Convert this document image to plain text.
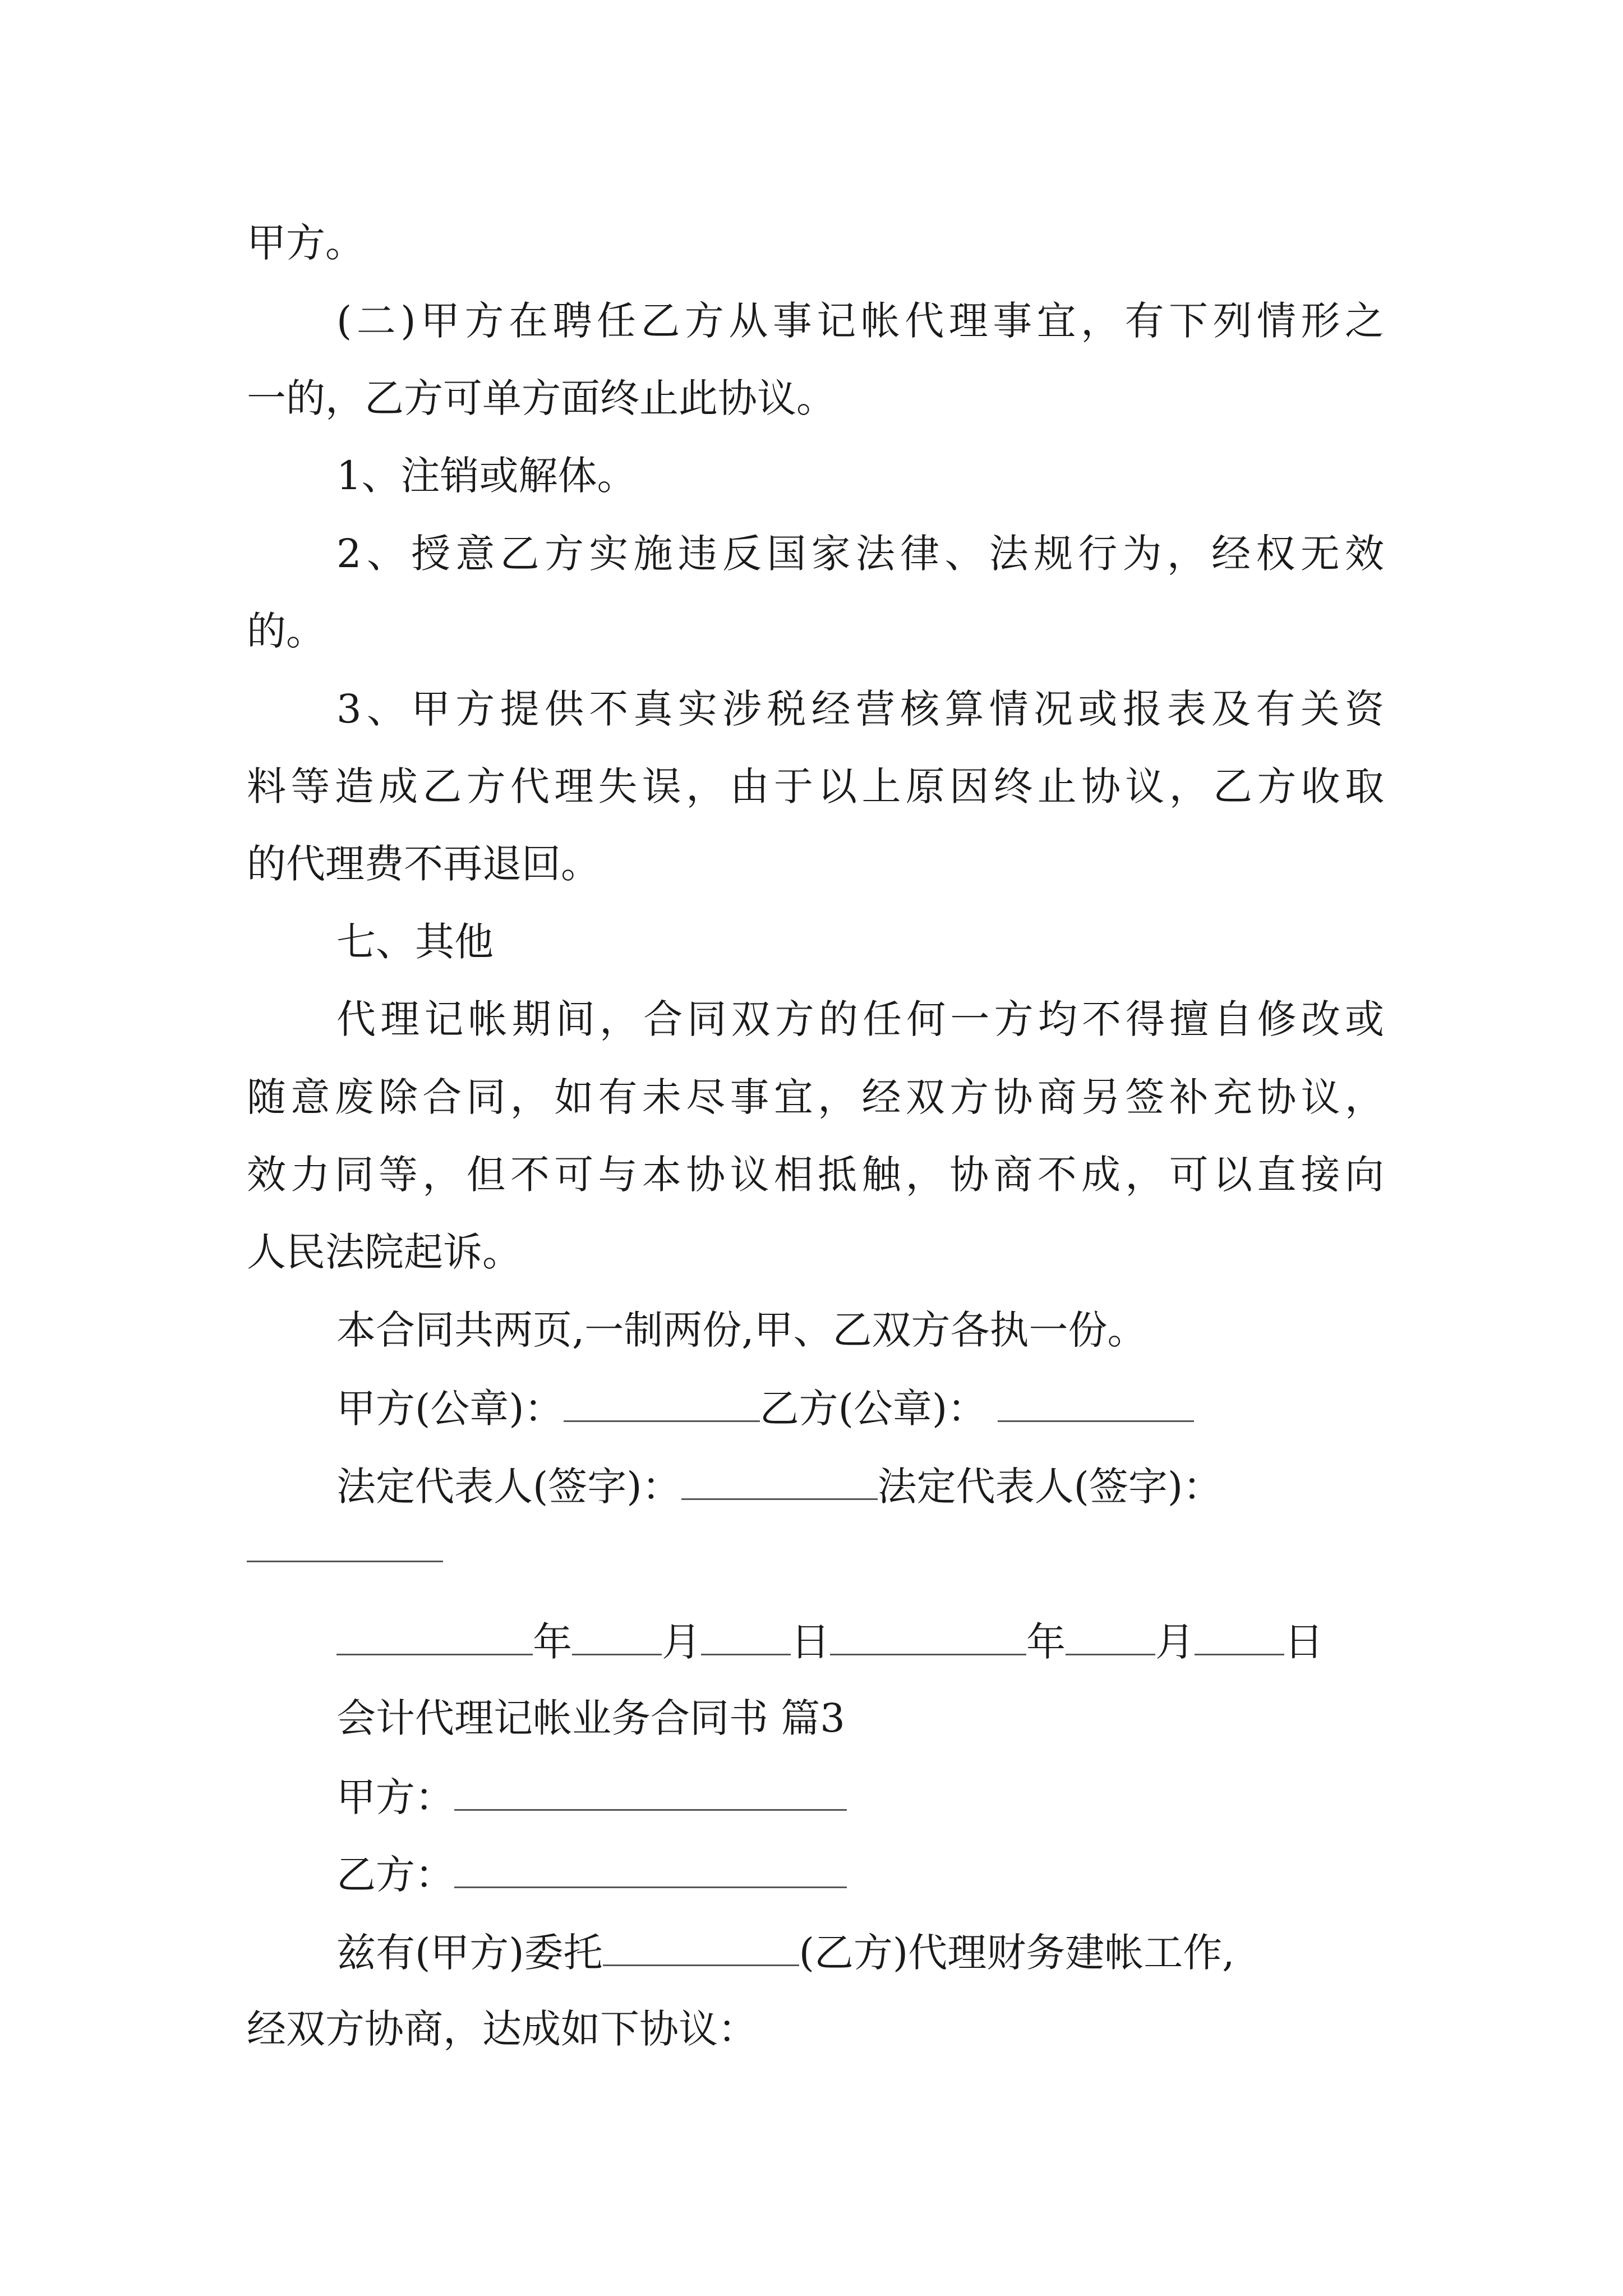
甲方。
(二)甲方在聘任乙方从事记帐代理事宜，有下列情形之
一的，乙方可单方面终止此协议。
1、注销或解体。
2、授意乙方实施违反国家法律、法规行为，经权无效
的。
3、甲方提供不真实涉税经营核算情况或报表及有关资
料等造成乙方代理失误，由于以上原因终止协议，乙方收取
的代理费不再退回。
七、其他
代理记帐期间，合同双方的任何一方均不得擅自修改或
随意废除合同，如有未尽事宜，经双方协商另签补充协议，
效力同等，但不可与本协议相抵触，协商不成，可以直接向
人民法院起诉。
本合同共两页,一制两份,甲、乙双方各执一份。
甲方(公章)：	乙方(公章)：
法定代表人(签字)：	法定代表人(签字)：
年 月 日	年 月 日
会计代理记帐业务合同书 篇3
甲方：
乙方：
兹有(甲方)委托	(乙方)代理财务建帐工作,
经双方协商，达成如下协议：
